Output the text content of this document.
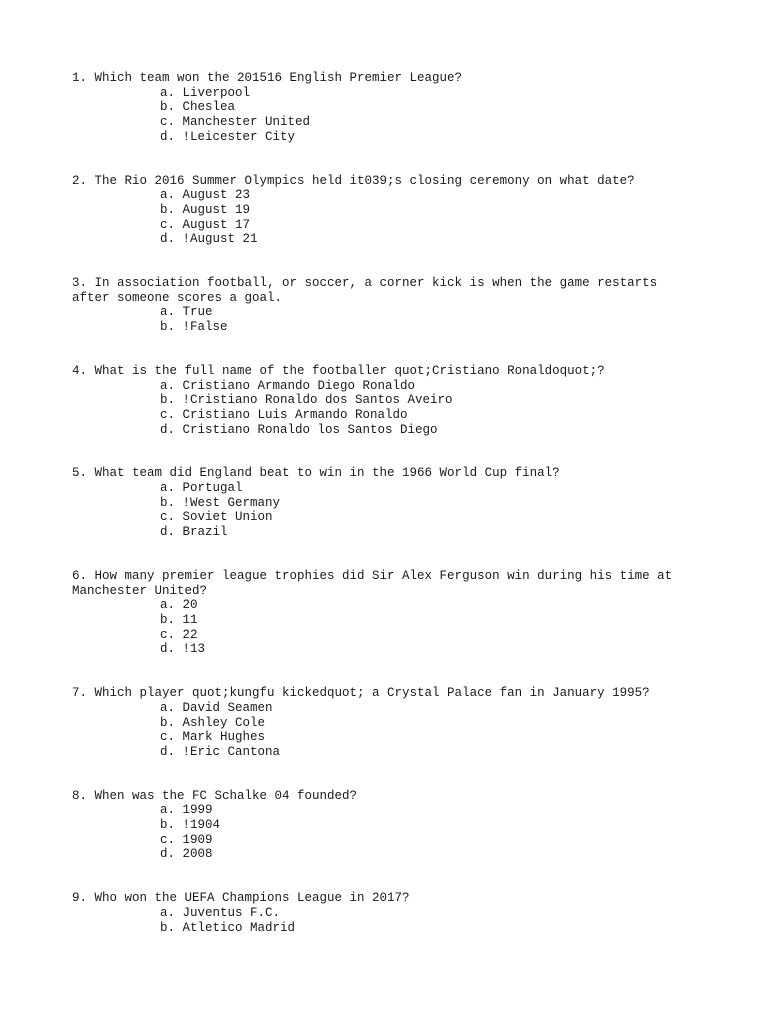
1. Which team won the 201516 English Premier League?

a. Liverpool
b. Cheslea
c. Manchester United
d. !Leicester City

2. The Rio 2016 Summer Olympics held it039;s closing ceremony on what date?

a. August 23
b. August 19
c. August 17
d. !August 21

3. In association football, or soccer, a corner kick is when the game restarts
after someone scores a goal.

a. True
b. !False

4. What is the full name of the footballer quot;Cristiano Ronaldoquot;?

a. Cristiano Armando Diego Ronaldo
b. !Cristiano Ronaldo dos Santos Aveiro
c. Cristiano Luis Armando Ronaldo
d. Cristiano Ronaldo los Santos Diego

5. What team did England beat to win in the 1966 World Cup final?

a. Portugal
b. !West Germany
c. Soviet Union
d. Brazil

6. How many premier league trophies did Sir Alex Ferguson win during his time at
Manchester United?

a. 20
b. 11
c. 22
d. !13

7. Which player quot;kungfu kickedquot; a Crystal Palace fan in January 1995?

a. David Seamen
b. Ashley Cole
c. Mark Hughes
d. !Eric Cantona

8. When was the FC Schalke 04 founded?

a. 1999
b. !1904
c. 1909
d. 2008

9. Who won the UEFA Champions League in 2017?

a. Juventus F.C.
b. Atletico Madrid
